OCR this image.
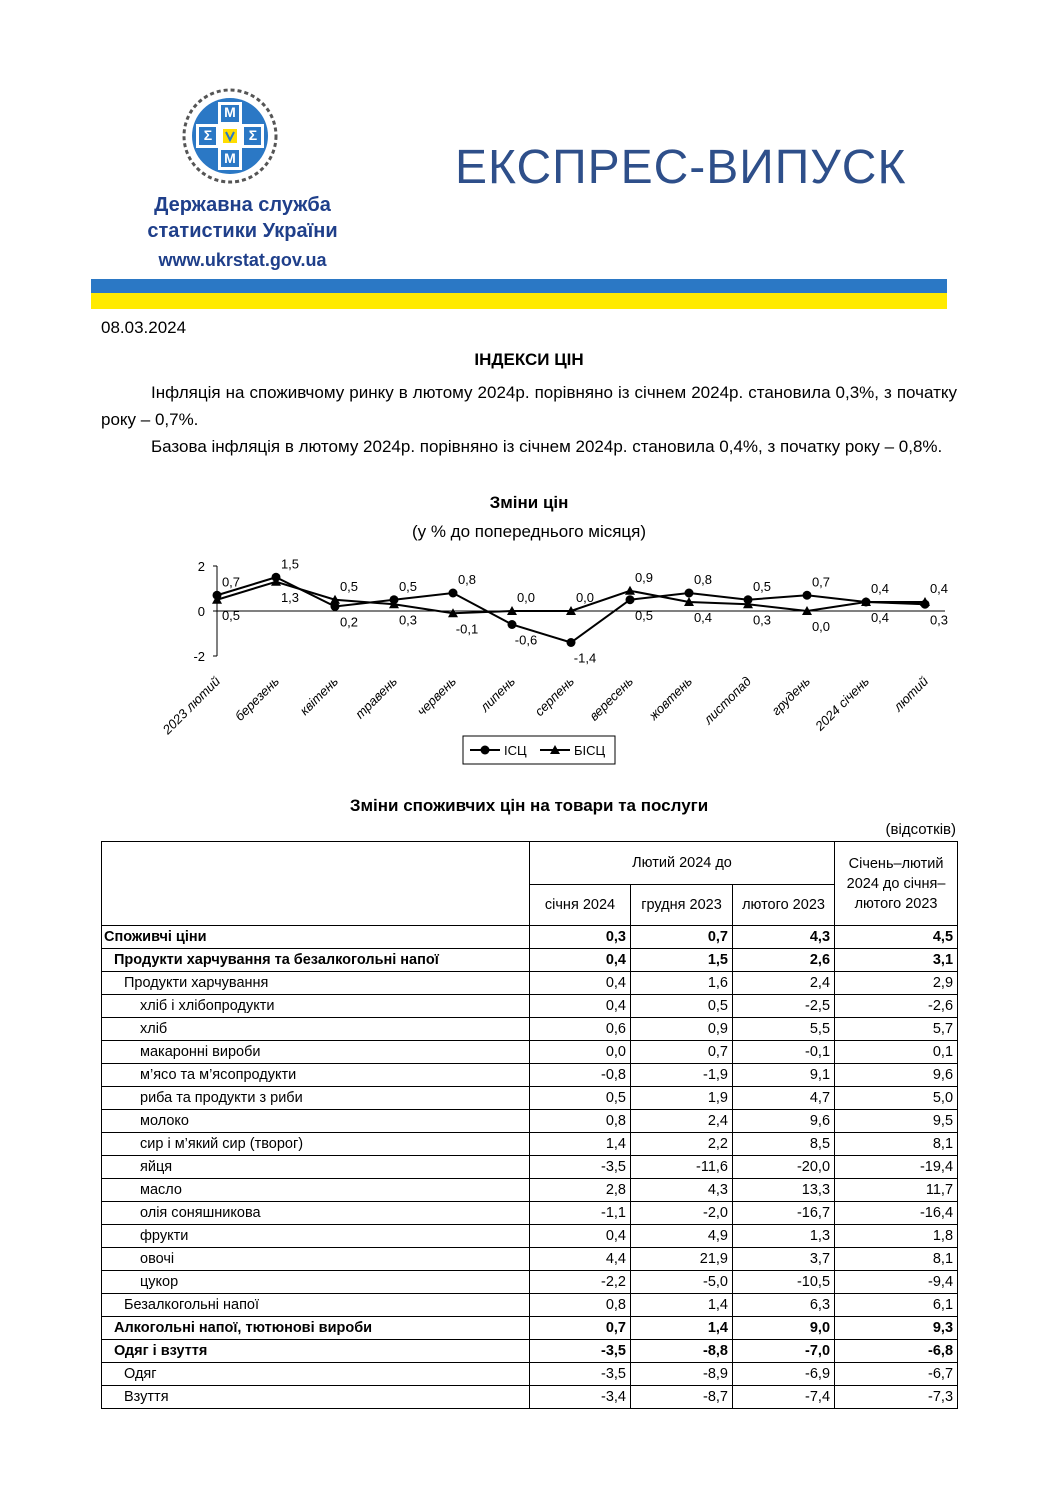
М
Σ	Σ
М
Державна служба
статистики України
www.ukrstat.gov.ua
ЕКСПРЕС-ВИПУСК
08.03.2024
ІНДЕКСИ ЦІН
Інфляція на споживчому ринку в лютому 2024р. порівняно із січнем 2024р. становила 0,3%, з початку року – 0,7%.
Базова інфляція в лютому 2024р. порівняно із січнем 2024р. становила 0,4%, з початку року – 0,8%.
Зміни цін
(у % до попереднього місяця)
2
0
-2
2023 лютий березень квітень травень червень липень серпень вересень жовтень листопад грудень
2024 січень лютий
0,7
0,5
1,5
1,3
0,2
0,5	0,5
0,3
0,8
-0,1
-0,6
0,0
-1,4
0,0
0,5
0,9	0,8
0,4
0,5
0,3
0,7
0,0
0,4
0,4	0,3
0,4
ІСЦ	БІСЦ
Зміни споживчих цін на товари та послуги
(відсотків)
	Лютий 2024 до			Січень–лютий 2024 до січня–лютого 2023
	січня 2024	грудня 2023	лютого 2023	
Споживчі ціни	0,3	0,7	4,3	4,5
Продукти харчування та безалкогольні напої	0,4	1,5	2,6	3,1
Продукти харчування	0,4	1,6	2,4	2,9
хліб і хлібопродукти	0,4	0,5	-2,5	-2,6
хліб	0,6	0,9	5,5	5,7
макаронні вироби	0,0	0,7	-0,1	0,1
м’ясо та м’ясопродукти	-0,8	-1,9	9,1	9,6
риба та продукти з риби	0,5	1,9	4,7	5,0
молоко	0,8	2,4	9,6	9,5
сир і м’який сир (творог)	1,4	2,2	8,5	8,1
яйця	-3,5	-11,6	-20,0	-19,4
масло	2,8	4,3	13,3	11,7
олія соняшникова	-1,1	-2,0	-16,7	-16,4
фрукти	0,4	4,9	1,3	1,8
овочі	4,4	21,9	3,7	8,1
цукор	-2,2	-5,0	-10,5	-9,4
Безалкогольні напої	0,8	1,4	6,3	6,1
Алкогольні напої, тютюнові вироби	0,7	1,4	9,0	9,3
Одяг і взуття	-3,5	-8,8	-7,0	-6,8
Одяг	-3,5	-8,9	-6,9	-6,7
Взуття	-3,4	-8,7	-7,4	-7,3
